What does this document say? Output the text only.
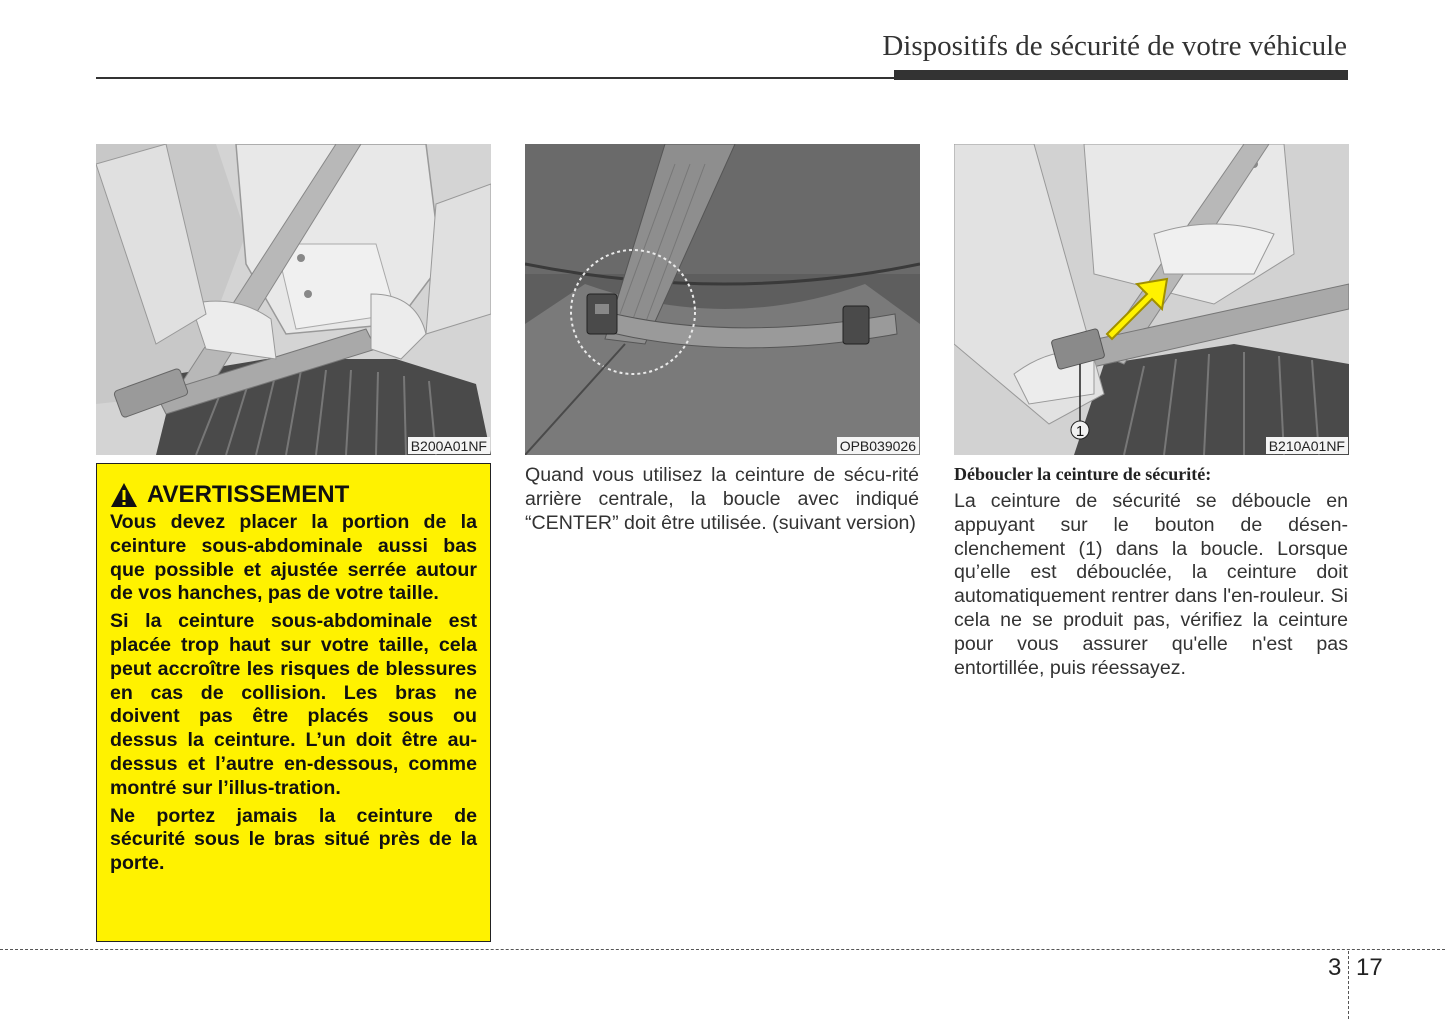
Dispositifs de sécurité de votre véhicule
B200A01NF	OPB039026
1
B210A01NF
AVERTISSEMENT

Vous devez placer la portion de la ceinture sous-abdominale aussi bas que possible et ajustée serrée autour de vos hanches, pas de votre taille.

Si la ceinture sous-abdominale est placée trop haut sur votre taille, cela peut accroître les risques de blessures en cas de collision. Les bras ne doivent pas être placés sous ou dessus la ceinture. L’un doit être au-dessus et l’autre en-dessous, comme montré sur l’illus-tration.

Ne portez jamais la ceinture de sécurité sous le bras situé près de la porte.

Quand vous utilisez la ceinture de sécu-rité arrière centrale, la boucle avec indiqué “CENTER” doit être utilisée. (suivant version)

Déboucler la ceinture de sécurité:

La ceinture de sécurité se déboucle en appuyant sur le bouton de désen-clenchement (1) dans la boucle. Lorsque qu’elle est débouclée, la ceinture doit automatiquement rentrer dans l'en-rouleur. Si cela ne se produit pas, vérifiez la ceinture pour vous assurer qu'elle n'est pas entortillée, puis réessayez.

3 17
